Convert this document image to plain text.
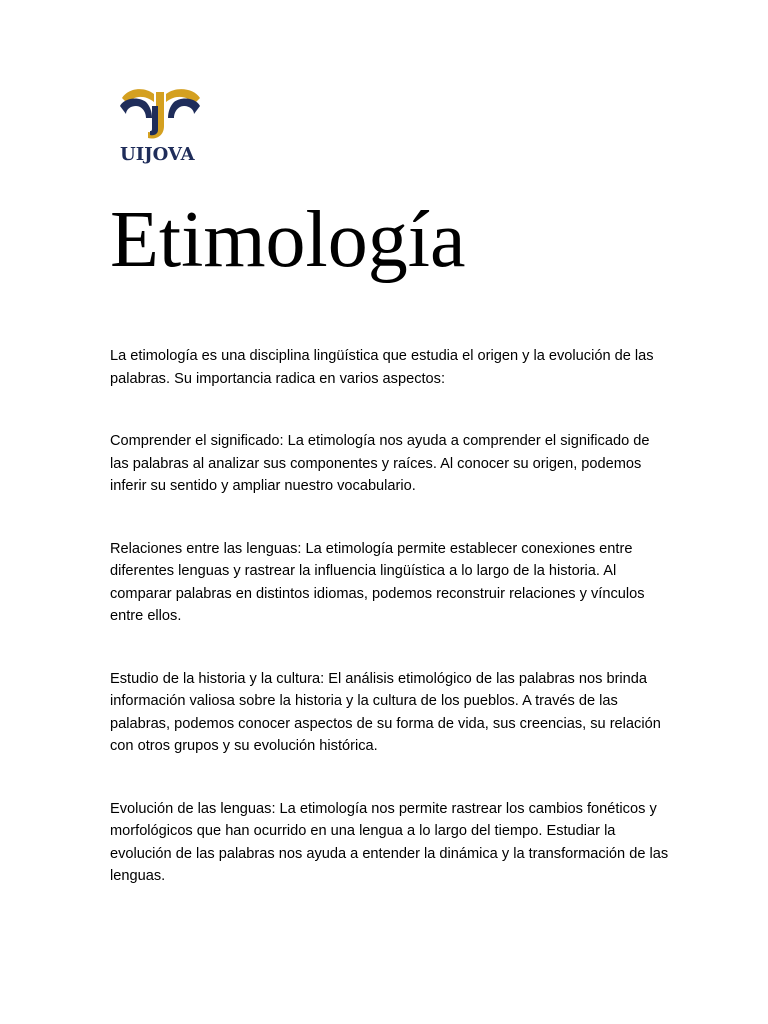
UIJOVA
Etimología

La etimología es una disciplina lingüística que estudia el origen y la evolución de las palabras. Su importancia radica en varios aspectos:

Comprender el significado: La etimología nos ayuda a comprender el significado de las palabras al analizar sus componentes y raíces. Al conocer su origen, podemos inferir su sentido y ampliar nuestro vocabulario.

Relaciones entre las lenguas: La etimología permite establecer conexiones entre diferentes lenguas y rastrear la influencia lingüística a lo largo de la historia. Al comparar palabras en distintos idiomas, podemos reconstruir relaciones y vínculos entre ellos.

Estudio de la historia y la cultura: El análisis etimológico de las palabras nos brinda información valiosa sobre la historia y la cultura de los pueblos. A través de las palabras, podemos conocer aspectos de su forma de vida, sus creencias, su relación con otros grupos y su evolución histórica.

Evolución de las lenguas: La etimología nos permite rastrear los cambios fonéticos y morfológicos que han ocurrido en una lengua a lo largo del tiempo. Estudiar la evolución de las palabras nos ayuda a entender la dinámica y la transformación de las lenguas.
